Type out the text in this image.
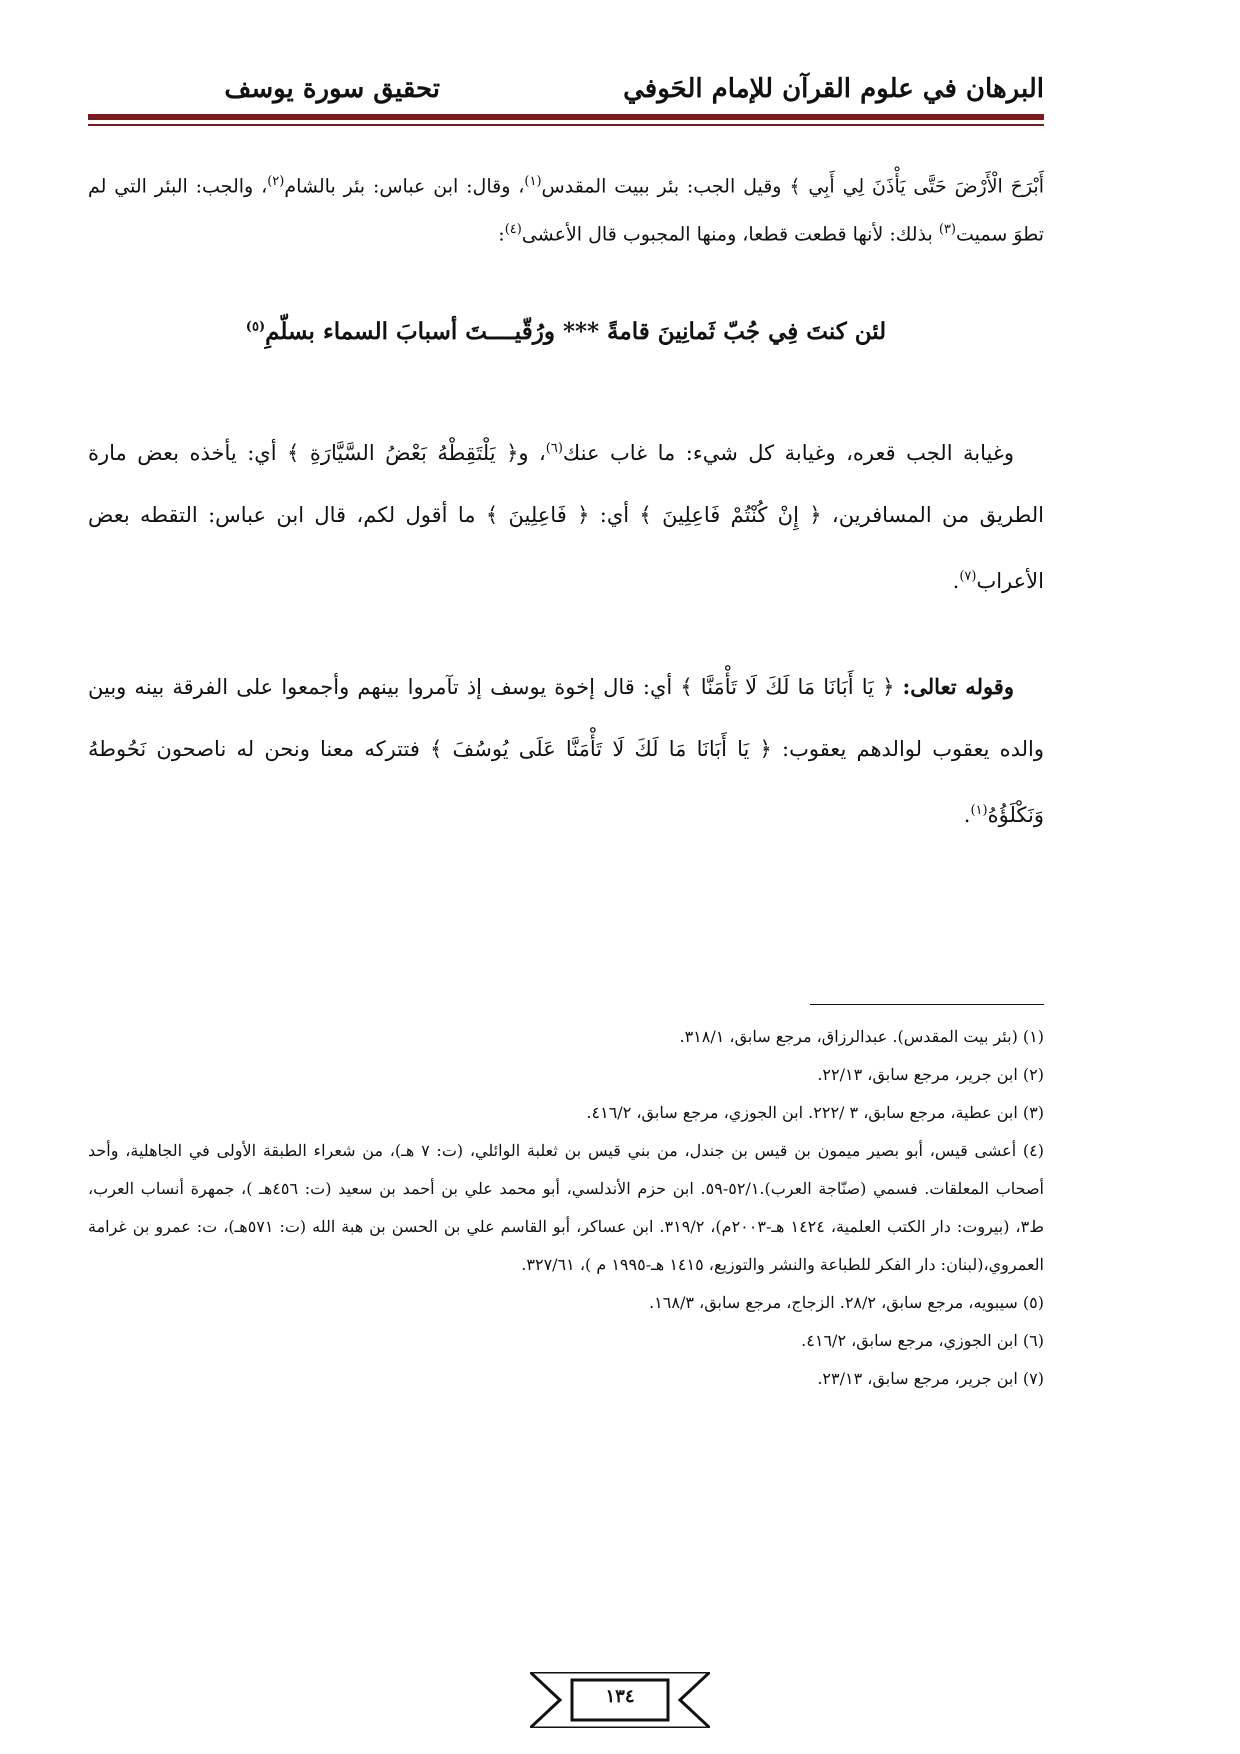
البرهان في علوم القرآن للإمام الحَوفي
تحقيق سورة يوسف
أَبْرَحَ الْأَرْضَ حَتَّى يَأْذَنَ لِي أَبِي ﴾ وقيل الجب: بئر ببيت المقدس$^{(١)}$، وقال: ابن عباس: بئر بالشام$^{(٢)}$، والجب: البئر التي لم تطوَ سميت$^{(٣)}$ بذلك: لأنها قطعت قطعا، ومنها المجبوب قال الأعشى$^{(٤)}$:
لئن كنتَ فِي جُبّ ثَمانِينَ قامةً *** ورُقّيــــتَ أسبابَ السماء بسلّمِ$^{(٥)}$
وغيابة الجب قعره، وغيابة كل شيء: ما غاب عنك$^{(٦)}$، و﴿ يَلْتَقِطْهُ بَعْضُ السَّيَّارَةِ ﴾ أي: يأخذه بعض مارة الطريق من المسافرين، ﴿ إِنْ كُنْتُمْ فَاعِلِينَ ﴾ أي: ﴿ فَاعِلِينَ ﴾ ما أقول لكم، قال ابن عباس: التقطه بعض الأعراب$^{(٧)}$.
وقوله تعالى: ﴿ يَا أَبَانَا مَا لَكَ لَا تَأْمَنَّا ﴾ أي: قال إخوة يوسف إذ تآمروا بينهم وأجمعوا على الفرقة بينه وبين والده يعقوب لوالدهم يعقوب: ﴿ يَا أَبَانَا مَا لَكَ لَا تَأْمَنَّا عَلَى يُوسُفَ ﴾ فتتركه معنا ونحن له ناصحون نَحُوطهُ وَنَكْلَؤُهُ$^{(١)}$.

(١) (بئر بيت المقدس). عبدالرزاق، مرجع سابق، ٣١٨/١.

(٢) ابن جرير، مرجع سابق، ٢٢/١٣.

(٣) ابن عطية، مرجع سابق، ٣ /٢٢٢. ابن الجوزي، مرجع سابق، ٤١٦/٢.

(٤) أعشى قيس، أبو بصير ميمون بن قيس بن جندل، من بني قيس بن ثعلبة الوائلي، (ت: ٧ هـ)، من شعراء الطبقة الأولى في الجاهلية، وأحد أصحاب المعلقات. فسمي (صنّاجة العرب).٥٢/١-٥٩. ابن حزم الأندلسي، أبو محمد علي بن أحمد بن سعيد (ت: ٤٥٦هـ )، جمهرة أنساب العرب، ط٣، (بيروت: دار الكتب العلمية، ١٤٢٤ هـ-٢٠٠٣م)، ٣١٩/٢. ابن عساكر، أبو القاسم علي بن الحسن بن هبة الله (ت: ٥٧١هـ)، ت: عمرو بن غرامة العمروي،(لبنان: دار الفكر للطباعة والنشر والتوزيع، ١٤١٥ هـ-١٩٩٥ م )، ٣٢٧/٦١.

(٥) سيبويه، مرجع سابق، ٢٨/٢. الزجاج، مرجع سابق، ١٦٨/٣.

(٦) ابن الجوزي، مرجع سابق، ٤١٦/٢.

(٧) ابن جرير، مرجع سابق، ٢٣/١٣.

١٣٤
